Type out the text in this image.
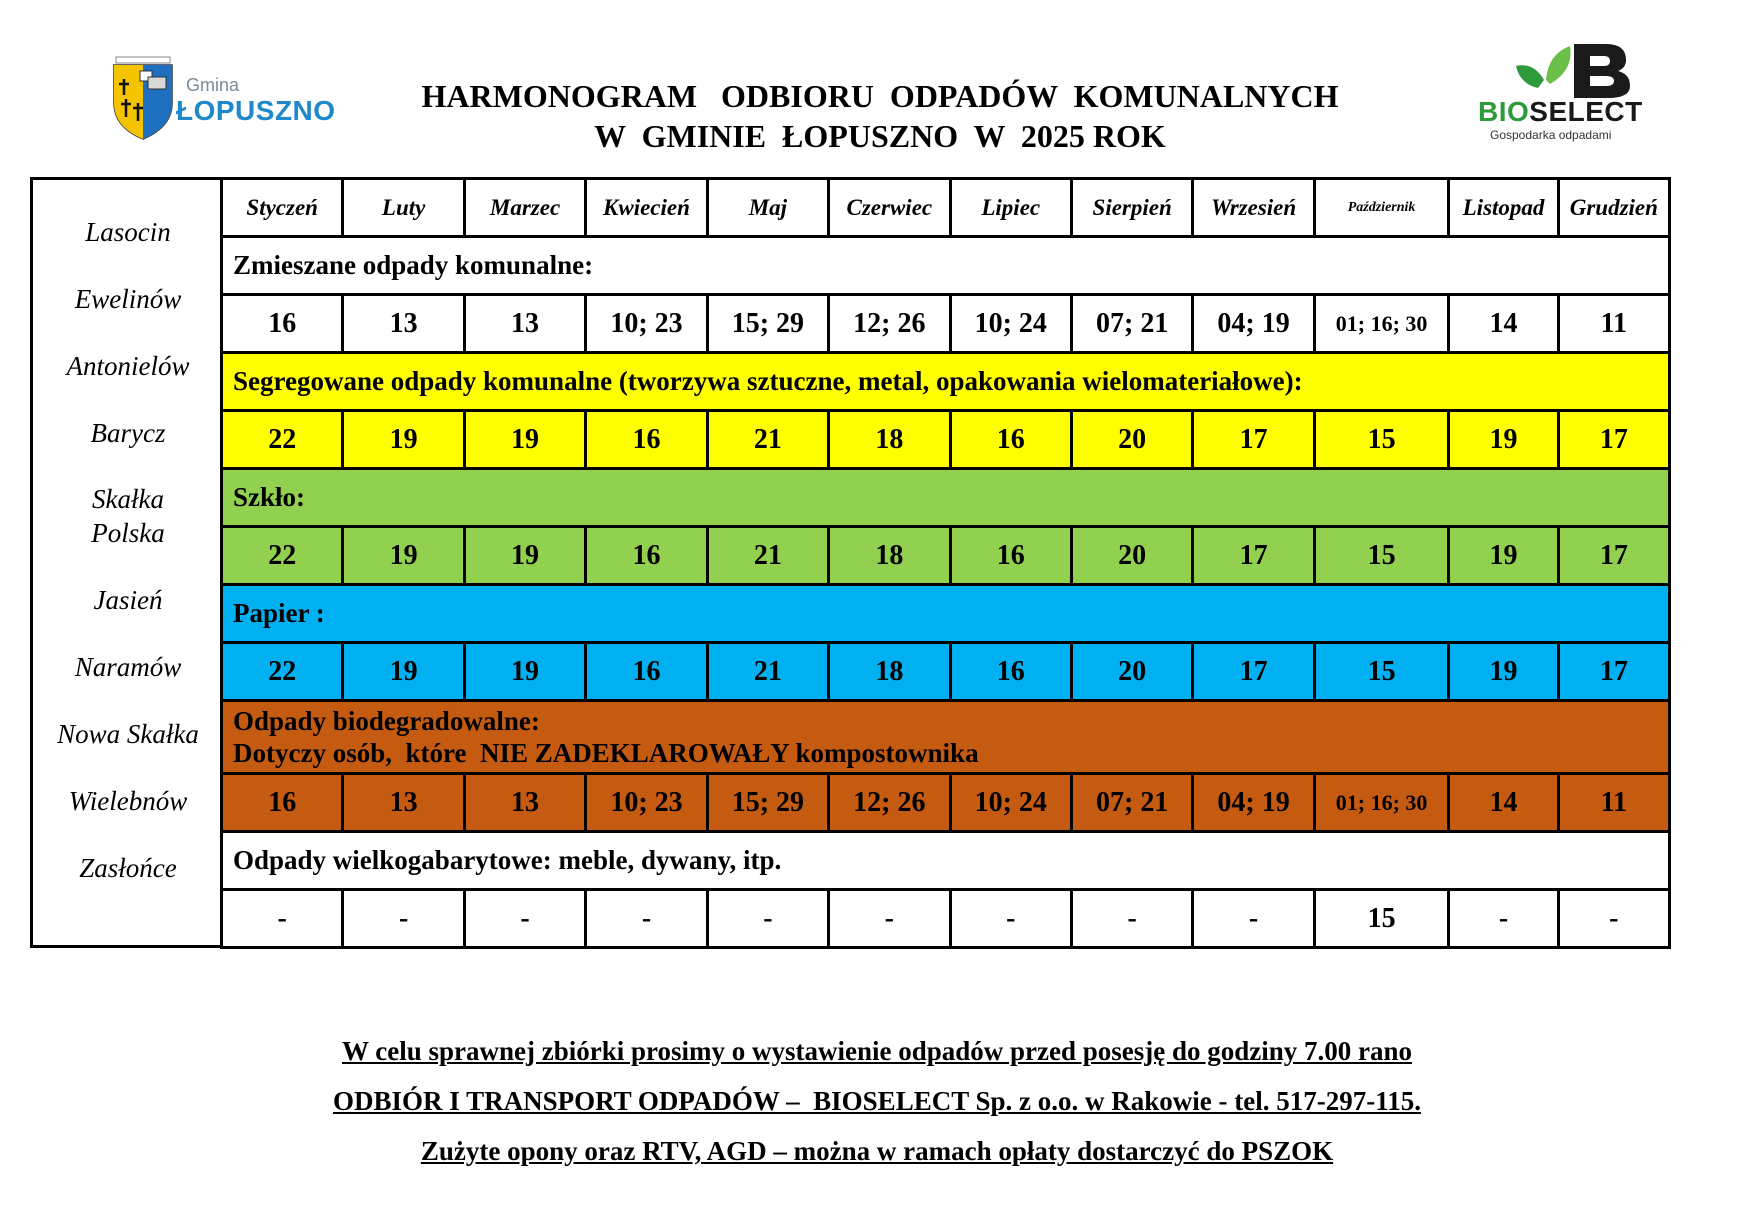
Gmina
ŁOPUSZNO	HARMONOGRAM   ODBIORU  ODPADÓW  KOMUNALNYCH
W  GMINIE  ŁOPUSZNO  W  2025 ROK
BIOSELECT
Gospodarka odpadami
Lasocin
Ewelinów
Antonielów
Barycz
Skałka
Polska
Jasień
Naramów
Nowa Skałka
Wielebnów
Zasłońce
Styczeń	Luty	Marzec	Kwiecień	Maj	Czerwiec	Lipiec	Sierpień	Wrzesień	Październik	Listopad	Grudzień
Zmieszane odpady komunalne:											
16	13	13	10; 23	15; 29	12; 26	10; 24	07; 21	04; 19	01; 16; 30	14	11
Segregowane odpady komunalne (tworzywa sztuczne, metal, opakowania wielomateriałowe):											
22	19	19	16	21	18	16	20	17	15	19	17
Szkło:											
22	19	19	16	21	18	16	20	17	15	19	17
Papier :											
22	19	19	16	21	18	16	20	17	15	19	17

Odpady biodegradowalne:
Dotyczy osób,  które  NIE ZADEKLAROWAŁY kompostownika											

16	13	13	10; 23	15; 29	12; 26	10; 24	07; 21	04; 19	01; 16; 30	14	11
Odpady wielkogabarytowe: meble, dywany, itp.											
-	-	-	-	-	-	-	-	-	15	-	-
W celu sprawnej zbiórki prosimy o wystawienie odpadów przed posesję do godziny 7.00 rano
ODBIÓR I TRANSPORT ODPADÓW –  BIOSELECT Sp. z o.o. w Rakowie - tel. 517-297-115.
Zużyte opony oraz RTV, AGD – można w ramach opłaty dostarczyć do PSZOK
